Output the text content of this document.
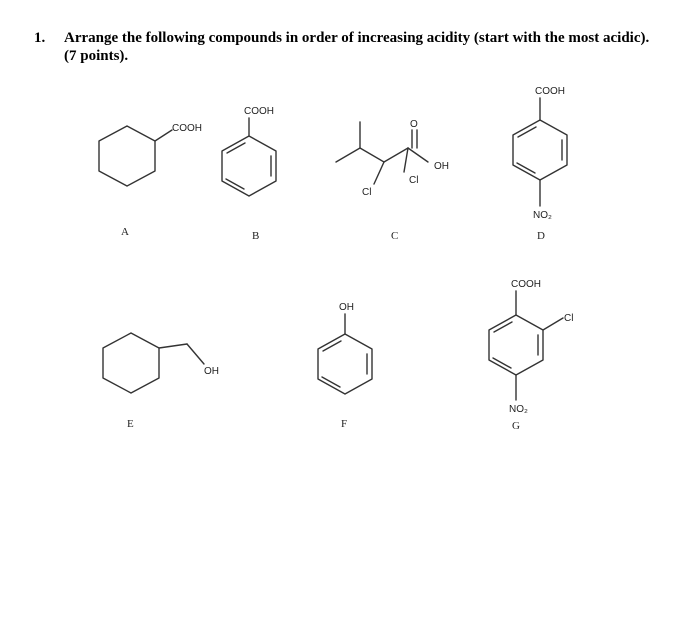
1. Arrange the following compounds in order of increasing acidity (start with the most acidic). (7 points).
COOH
A
COOH
B
O
OH
Cl
Cl
C
COOH
NO₂
D
OH
E
OH
F
COOH
Cl
NO₂
G
